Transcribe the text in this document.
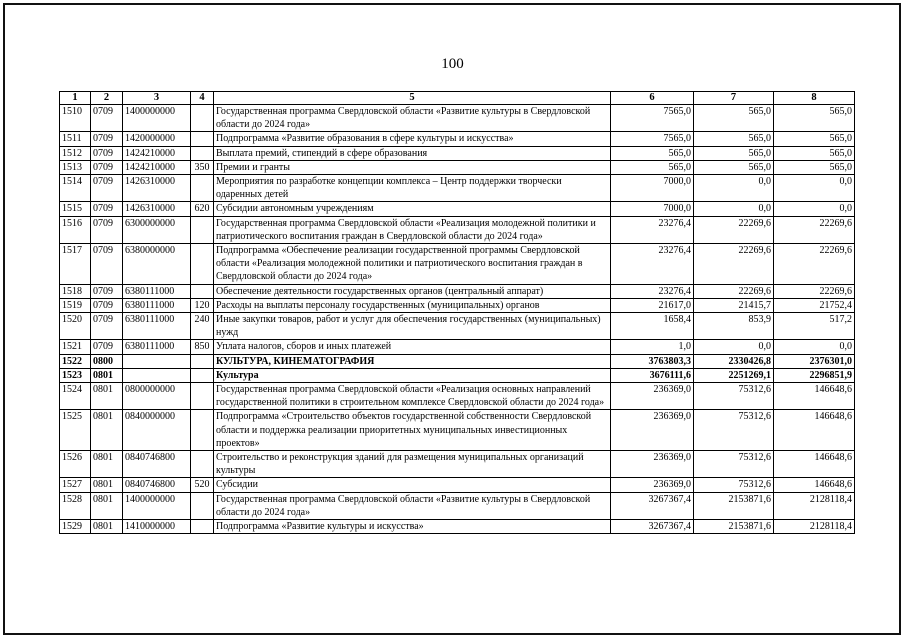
100
1	2	3	4	5	6	7	8
1510	0709	1400000000		Государственная программа Свердловской области «Развитие культуры в Свердловской области до 2024 года»	7565,0	565,0	565,0
1511	0709	1420000000		Подпрограмма «Развитие образования в сфере культуры и искусства»	7565,0	565,0	565,0
1512	0709	1424210000		Выплата премий, стипендий в сфере образования	565,0	565,0	565,0
1513	0709	1424210000	350	Премии и гранты	565,0	565,0	565,0
1514	0709	1426310000		Мероприятия по разработке концепции комплекса – Центр поддержки творчески одаренных детей	7000,0	0,0	0,0
1515	0709	1426310000	620	Субсидии автономным учреждениям	7000,0	0,0	0,0
1516	0709	6300000000		Государственная программа Свердловской области «Реализация молодежной политики и патриотического воспитания граждан в Свердловской области до 2024 года»	23276,4	22269,6	22269,6
1517	0709	6380000000		Подпрограмма «Обеспечение реализации государственной программы Свердловской области «Реализация молодежной политики и патриотического воспитания граждан в Свердловской области до 2024 года»	23276,4	22269,6	22269,6
1518	0709	6380111000		Обеспечение деятельности государственных органов (центральный аппарат)	23276,4	22269,6	22269,6
1519	0709	6380111000	120	Расходы на выплаты персоналу государственных (муниципальных) органов	21617,0	21415,7	21752,4
1520	0709	6380111000	240	Иные закупки товаров, работ и услуг для обеспечения государственных (муниципальных) нужд	1658,4	853,9	517,2
1521	0709	6380111000	850	Уплата налогов, сборов и иных платежей	1,0	0,0	0,0
1522	0800			КУЛЬТУРА, КИНЕМАТОГРАФИЯ	3763803,3	2330426,8	2376301,0
1523	0801			Культура	3676111,6	2251269,1	2296851,9
1524	0801	0800000000		Государственная программа Свердловской области «Реализация основных направлений государственной политики в строительном комплексе Свердловской области до 2024 года»	236369,0	75312,6	146648,6
1525	0801	0840000000		Подпрограмма «Строительство объектов государственной собственности Свердловской области и поддержка реализации приоритетных муниципальных инвестиционных проектов»	236369,0	75312,6	146648,6
1526	0801	0840746800		Строительство и реконструкция зданий для размещения муниципальных организаций культуры	236369,0	75312,6	146648,6
1527	0801	0840746800	520	Субсидии	236369,0	75312,6	146648,6
1528	0801	1400000000		Государственная программа Свердловской области «Развитие культуры в Свердловской области до 2024 года»	3267367,4	2153871,6	2128118,4
1529	0801	1410000000		Подпрограмма «Развитие культуры и искусства»	3267367,4	2153871,6	2128118,4
